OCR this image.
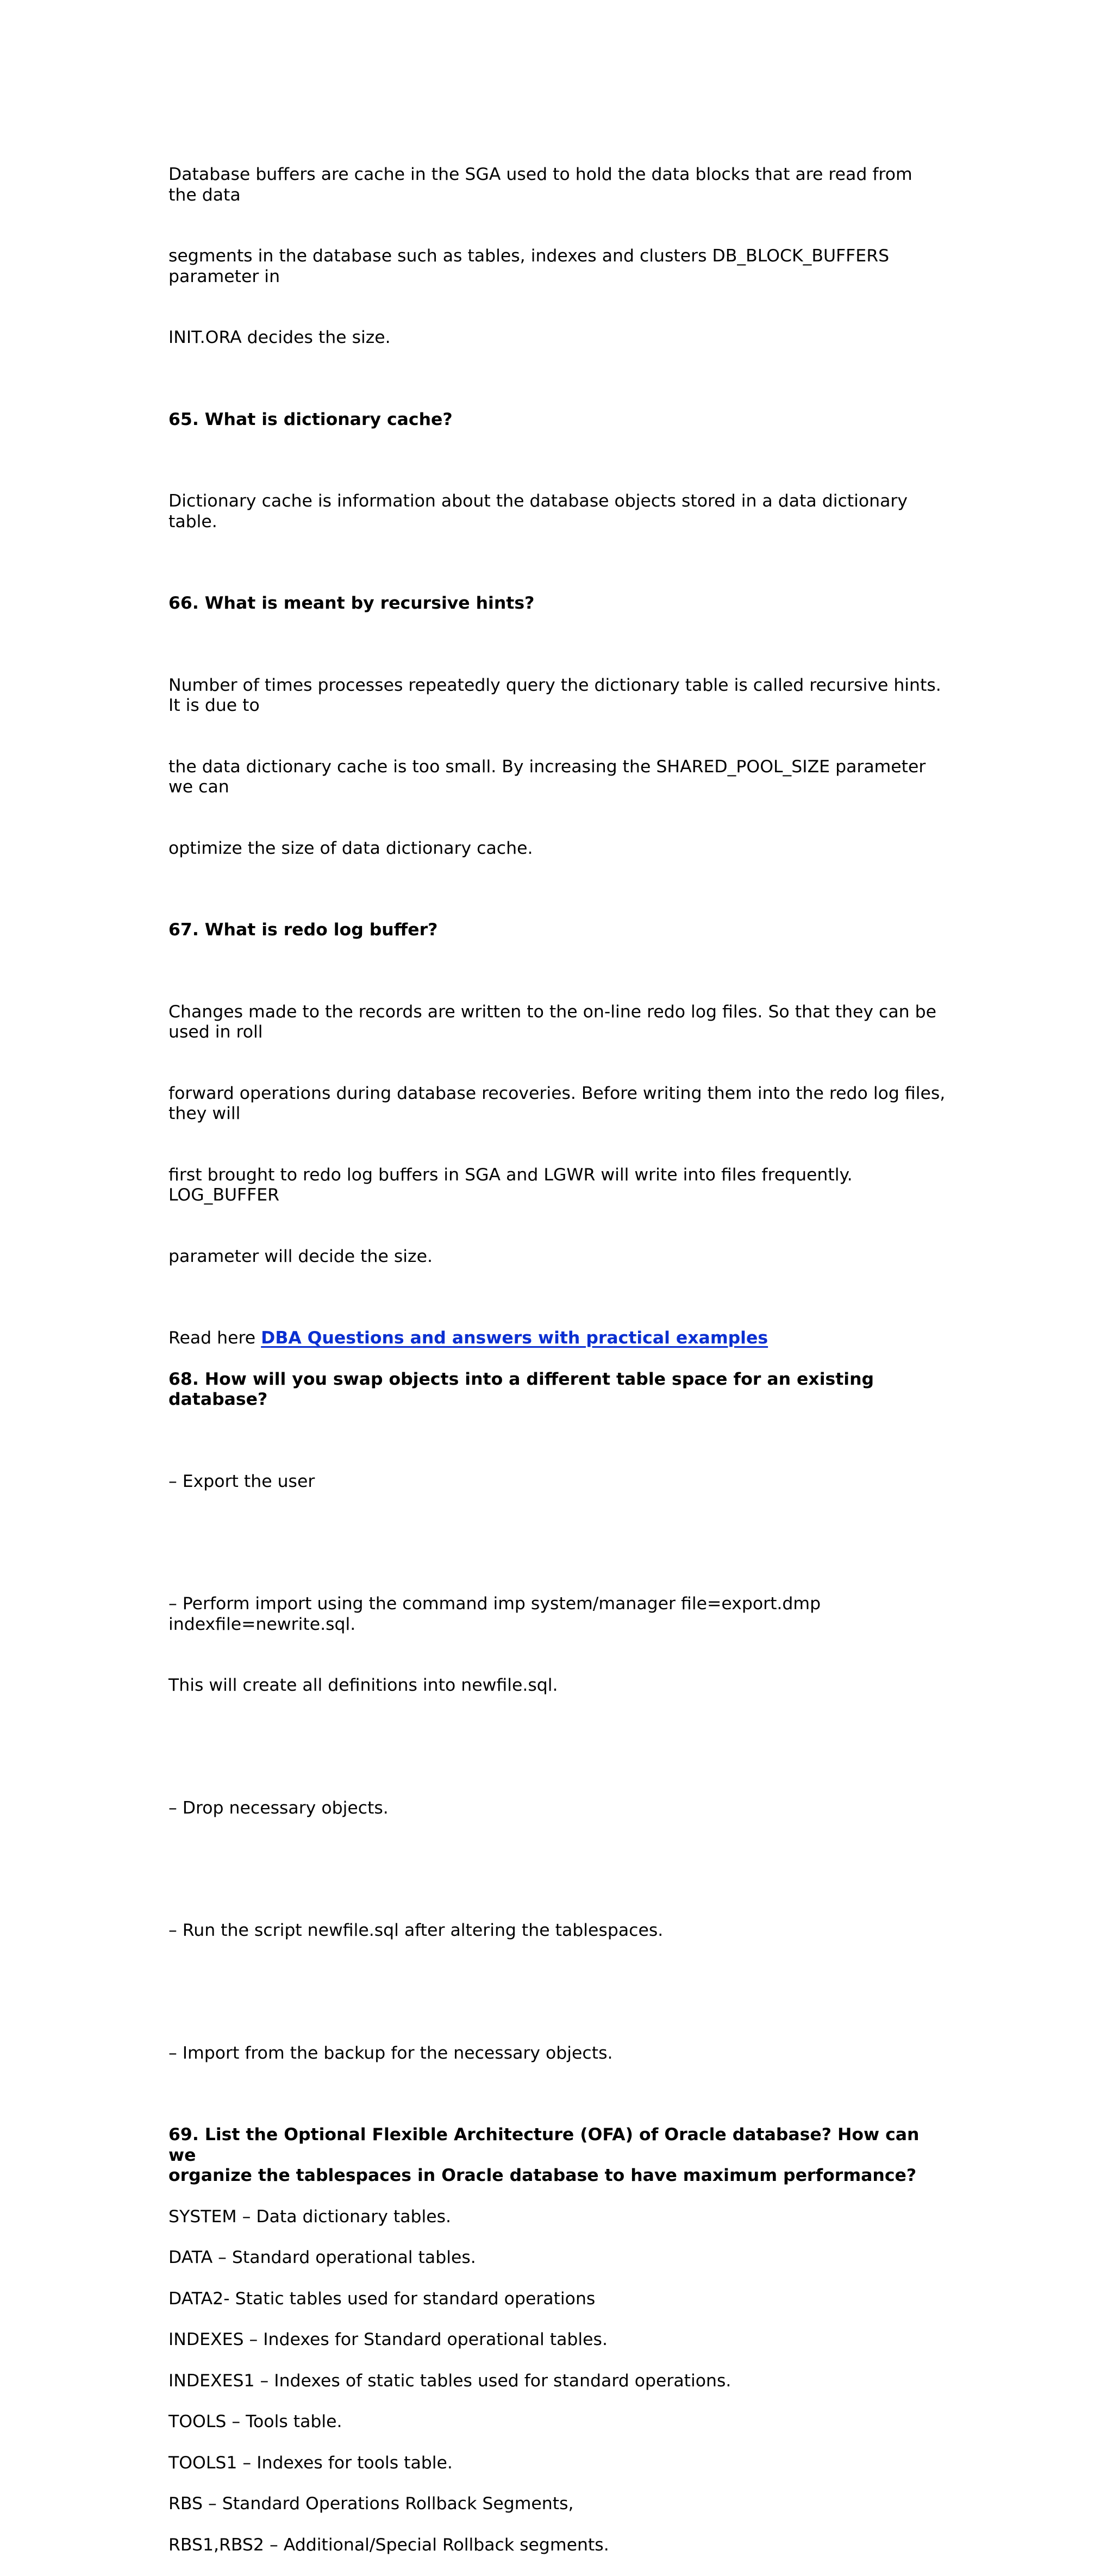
Database buffers are cache in the SGA used to hold the data blocks that are read from the data

segments in the database such as tables, indexes and clusters DB_BLOCK_BUFFERS parameter in

INIT.ORA decides the size.

65. What is dictionary cache?

Dictionary cache is information about the database objects stored in a data dictionary table.

66. What is meant by recursive hints?

Number of times processes repeatedly query the dictionary table is called recursive hints. It is due to

the data dictionary cache is too small. By increasing the SHARED_POOL_SIZE parameter we can

optimize the size of data dictionary cache.

67. What is redo log buffer?

Changes made to the records are written to the on-line redo log files. So that they can be used in roll

forward operations during database recoveries. Before writing them into the redo log files, they will

first brought to redo log buffers in SGA and LGWR will write into files frequently. LOG_BUFFER

parameter will decide the size.

Read here DBA Questions and answers with practical examples

68. How will you swap objects into a different table space for an existing database?

– Export the user

– Perform import using the command imp system/manager file=export.dmp indexfile=newrite.sql.

This will create all definitions into newfile.sql.

– Drop necessary objects.

– Run the script newfile.sql after altering the tablespaces.

– Import from the backup for the necessary objects.

69. List the Optional Flexible Architecture (OFA) of Oracle database? How can we
organize the tablespaces in Oracle database to have maximum performance?

SYSTEM – Data dictionary tables.

DATA – Standard operational tables.

DATA2- Static tables used for standard operations

INDEXES – Indexes for Standard operational tables.

INDEXES1 – Indexes of static tables used for standard operations.

TOOLS – Tools table.

TOOLS1 – Indexes for tools table.

RBS – Standard Operations Rollback Segments,

RBS1,RBS2 – Additional/Special Rollback segments.
